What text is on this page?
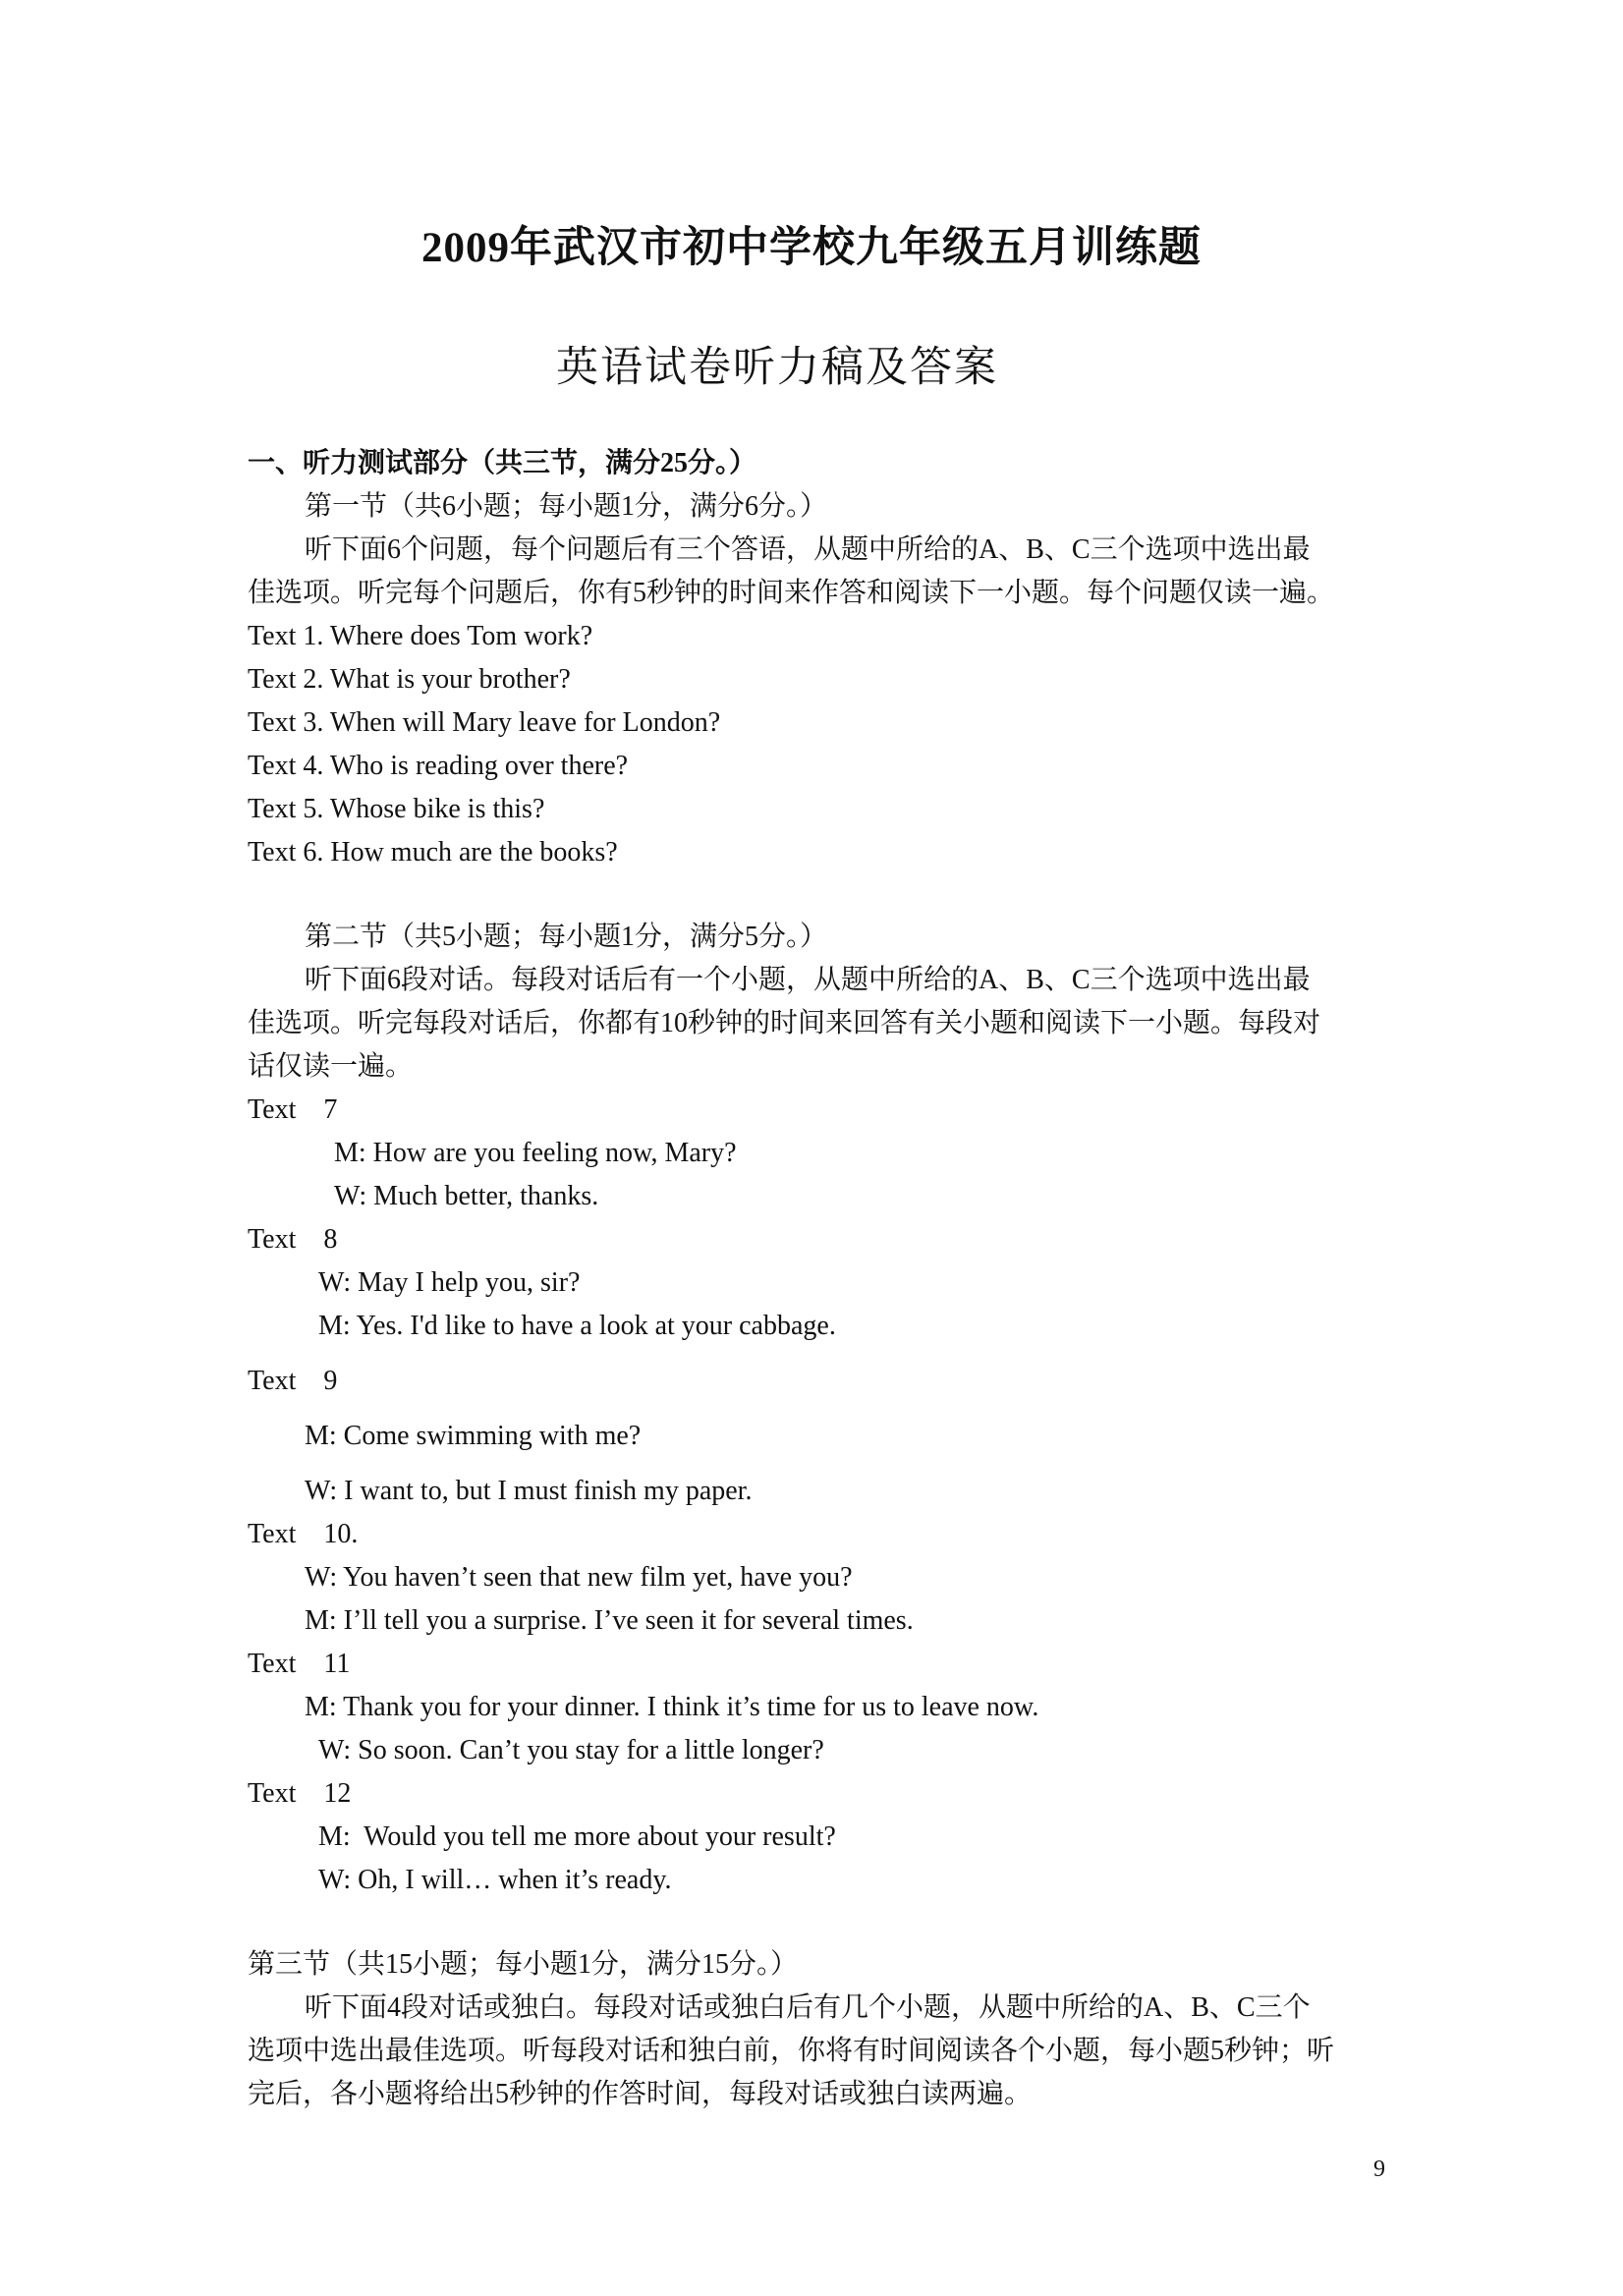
2009年武汉市初中学校九年级五月训练题
英语试卷听力稿及答案
一、听力测试部分（共三节，满分25分。）
第一节（共6小题；每小题1分，满分6分。）
听下面6个问题，每个问题后有三个答语，从题中所给的A、B、C三个选项中选出最
佳选项。听完每个问题后，你有5秒钟的时间来作答和阅读下一小题。每个问题仅读一遍。
Text 1. Where does Tom work?
Text 2. What is your brother?
Text 3. When will Mary leave for London?
Text 4. Who is reading over there?
Text 5. Whose bike is this?
Text 6. How much are the books?
第二节（共5小题；每小题1分，满分5分。）
听下面6段对话。每段对话后有一个小题，从题中所给的A、B、C三个选项中选出最
佳选项。听完每段对话后，你都有10秒钟的时间来回答有关小题和阅读下一小题。每段对
话仅读一遍。
Text    7
M: How are you feeling now, Mary?
W: Much better, thanks.
Text    8
W: May I help you, sir?
M: Yes. I'd like to have a look at your cabbage.
Text    9
M: Come swimming with me?
W: I want to, but I must finish my paper.
Text    10.
W: You haven’t seen that new film yet, have you?
M: I’ll tell you a surprise. I’ve seen it for several times.
Text    11
M: Thank you for your dinner. I think it’s time for us to leave now.
W: So soon. Can’t you stay for a little longer?
Text    12
M:  Would you tell me more about your result?
W: Oh, I will… when it’s ready.
第三节（共15小题；每小题1分，满分15分。）
听下面4段对话或独白。每段对话或独白后有几个小题，从题中所给的A、B、C三个
选项中选出最佳选项。听每段对话和独白前，你将有时间阅读各个小题，每小题5秒钟；听
完后，各小题将给出5秒钟的作答时间，每段对话或独白读两遍。
9
